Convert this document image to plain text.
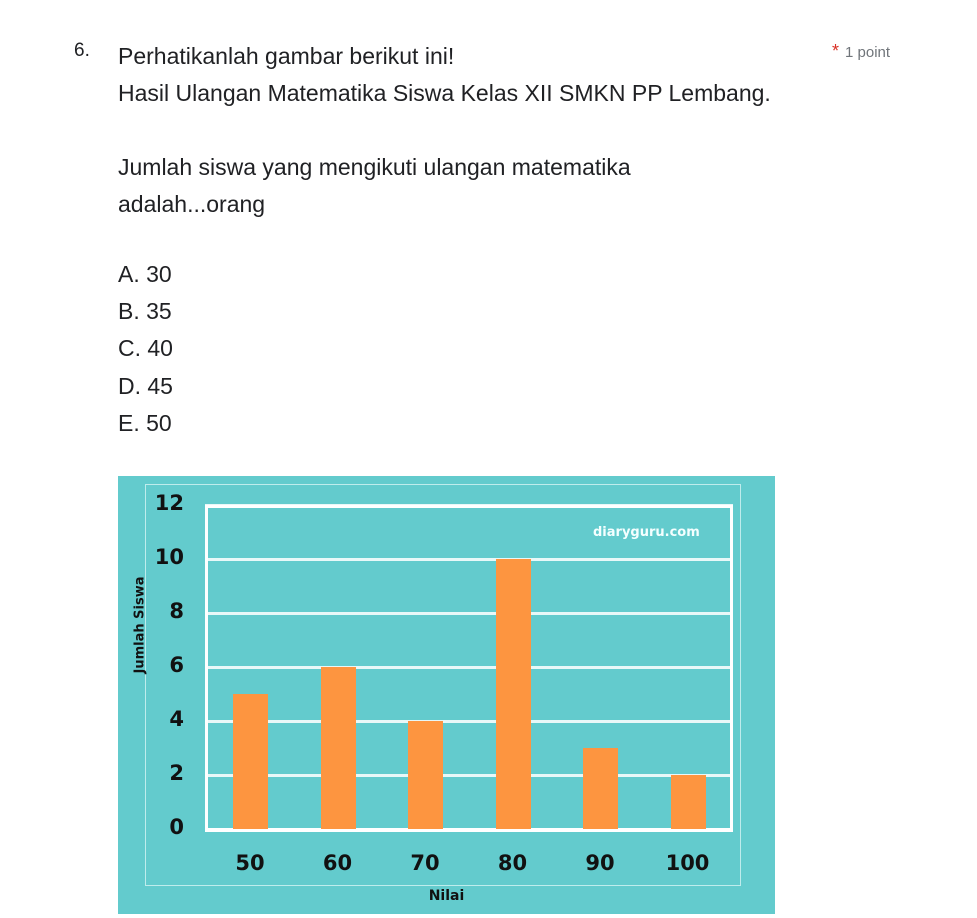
6. Perhatikanlah gambar berikut ini!

Hasil Ulangan Matematika Siswa Kelas XII SMKN PP Lembang.

Jumlah siswa yang mengikuti ulangan matematika

adalah...orang

* 1 point
A. 30
B. 35
C. 40
D. 45
E. 50
0
2
4
6
8
10
12
50	60	70	80	90	100
diaryguru.com
Jumlah Siswa
Nilai
